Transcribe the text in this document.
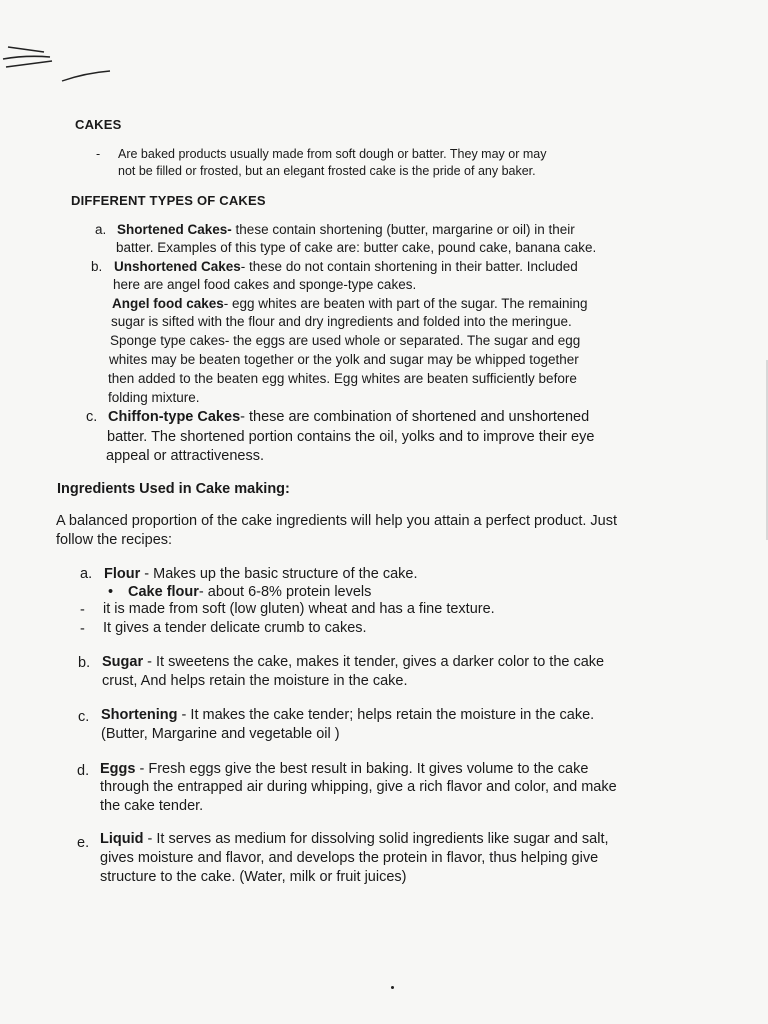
CAKES
- Are baked products usually made from soft dough or batter. They may or may
not be filled or frosted, but an elegant frosted cake is the pride of any baker.
DIFFERENT TYPES OF CAKES
a. Shortened Cakes- these contain shortening (butter, margarine or oil) in their
batter. Examples of this type of cake are: butter cake, pound cake, banana cake.
b. Unshortened Cakes- these do not contain shortening in their batter. Included
here are angel food cakes and sponge-type cakes.
Angel food cakes- egg whites are beaten with part of the sugar. The remaining
sugar is sifted with the flour and dry ingredients and folded into the meringue.
Sponge type cakes- the eggs are used whole or separated. The sugar and egg
whites may be beaten together or the yolk and sugar may be whipped together
then added to the beaten egg whites. Egg whites are beaten sufficiently before
folding mixture.
c. Chiffon-type Cakes- these are combination of shortened and unshortened
batter. The shortened portion contains the oil, yolks and to improve their eye
appeal or attractiveness.
Ingredients Used in Cake making:
A balanced proportion of the cake ingredients will help you attain a perfect product. Just
follow the recipes:
a. Flour - Makes up the basic structure of the cake.
• Cake flour- about 6-8% protein levels
- it is made from soft (low gluten) wheat and has a fine texture.
- It gives a tender delicate crumb to cakes.
b. Sugar - It sweetens the cake, makes it tender, gives a darker color to the cake
crust, And helps retain the moisture in the cake.
c. Shortening - It makes the cake tender; helps retain the moisture in the cake.
(Butter, Margarine and vegetable oil )
d. Eggs - Fresh eggs give the best result in baking. It gives volume to the cake
through the entrapped air during whipping, give a rich flavor and color, and make
the cake tender.
e. Liquid - It serves as medium for dissolving solid ingredients like sugar and salt,
gives moisture and flavor, and develops the protein in flavor, thus helping give
structure to the cake. (Water, milk or fruit juices)
